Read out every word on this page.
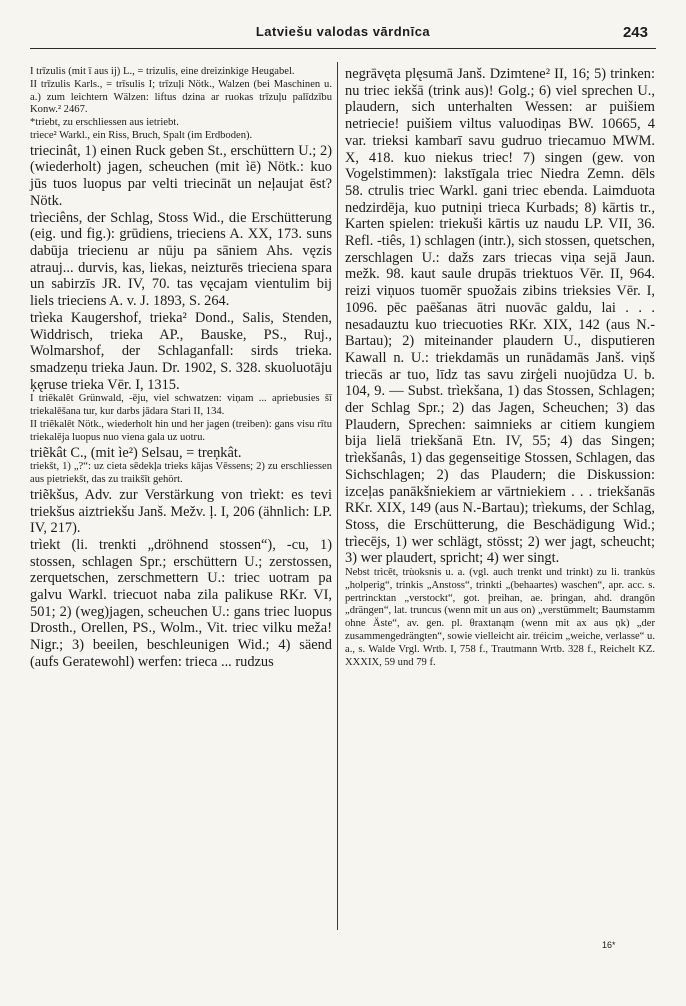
Latviešu valodas vārdnīca	243

I trīzulis (mit ī aus ij) L., = trizulis, eine dreizinkige Heugabel.

II trīzulis Karls., = trīsulis I; trīzuļi Nötk., Walzen (bei Maschinen u. a.) zum leichtern Wälzen: liftus dzina ar ruokas trīzuļu palīdzību Konw.² 2467.

*triebt, zu erschliessen aus ietriebt.

trìece² Warkl., ein Riss, Bruch, Spalt (im Erdboden).

triecinât, 1) einen Ruck geben St., erschüttern U.; 2) (wiederholt) jagen, scheuchen (mit ìē) Nötk.: kuo jūs tuos luopus par velti triecināt un neļaujat ēst? Nötk.

trìeciêns, der Schlag, Stoss Wid., die Erschütterung (eig. und fig.): grūdiens, trieciens A. XX, 173. suns dabūja triecienu ar nūju pa sāniem Ahs. vęzis atrauj... durvis, kas, liekas, neizturēs trieciena spara un sabirzīs JR. IV, 70. tas vęcajam vientulim bij liels trieciens A. v. J. 1893, S. 264.

trìeka Kaugershof, trieka² Dond., Salis, Stenden, Widdrisch, trieka AP., Bauske, PS., Ruj., Wolmarshof, der Schlaganfall: sirds trieka. smadzeņu trieka Jaun. Dr. 1902, S. 328. skuoluotāju ķęruse trieka Vēr. I, 1315.

I triẽkalêt Grünwald, -ēju, viel schwatzen: viņam ... apriebusies šī triekalēšana tur, kur darbs jādara Stari II, 134.

II triẽkalêt Nötk., wiederholt hin und her jagen (treiben): gans visu rītu triekalēja luopus nuo viena gala uz uotru.

triẽkât C., (mit ìe²) Selsau, = treņkât.

triekšt, 1) „?“: uz cieta sēdekļa trieks kājas Vēssens; 2) zu erschliessen aus pietriekšt, das zu traikšīt gehört.

triẽkšus, Adv. zur Verstärkung von trìekt: es tevi triekšus aiztriekšu Janš. Mežv. ļ. I, 206 (ähnlich: LP. IV, 217).

trìekt (li. trenkti „dröhnend stossen“), -cu, 1) stossen, schlagen Spr.; erschüttern U.; zerstossen, zerquetschen, zerschmettern U.: triec uotram pa galvu Warkl. triecuot naba zila palikuse RKr. VI, 501; 2) (weg)jagen, scheuchen U.: gans triec luopus Drosth., Orellen, PS., Wolm., Vit. triec vilku meža! Nigr.; 3) beeilen, beschleunigen Wid.; 4) säend (aufs Geratewohl) werfen: trieca ... rudzus

negrāvęta plęsumā Janš. Dzimtene² II, 16; 5) trinken: nu triec iekšā (trink aus)! Golg.; 6) viel sprechen U., plaudern, sich unterhalten Wessen: ar puišiem netriecie! puišiem viltus valuodiņas BW. 10665, 4 var. trieksi kambarī savu gudruo triecamuo MWM. X, 418. kuo niekus triec! 7) singen (gew. von Vogelstimmen): lakstīgala triec Niedra Zemn. dēls 58. ctrulis triec Warkl. gani triec ebenda. Laimduota nedzirdēja, kuo putniņi trieca Kurbads; 8) kārtis tr., Karten spielen: triekuši kārtis uz naudu LP. VII, 36. Refl. -tiês, 1) schlagen (intr.), sich stossen, quetschen, zerschlagen U.: dažs zars triecas viņa sejā Jaun. mežk. 98. kaut saule drupās triektuos Vēr. II, 964. reizi viņuos tuomēr spuožais zibins trieksies Vēr. I, 1096. pēc paēšanas ātri nuovāc galdu, lai . . . nesadauztu kuo triecuoties RKr. XIX, 142 (aus N.-Bartau); 2) miteinander plaudern U., disputieren Kawall n. U.: triekdamās un runādamās Janš. viņš triecās ar tuo, līdz tas savu zirģeli nuojūdza U. b. 104, 9. — Subst. trìekšana, 1) das Stossen, Schlagen; der Schlag Spr.; 2) das Jagen, Scheuchen; 3) das Plaudern, Sprechen: saimnieks ar citiem kungiem bija lielā triekšanā Etn. IV, 55; 4) das Singen; trìekšanâs, 1) das gegenseitige Stossen, Schlagen, das Sichschlagen; 2) das Plaudern; die Diskussion: izceļas panākšniekiem ar vārtniekiem . . . triekšanās RKr. XIX, 149 (aus N.-Bartau); trìekums, der Schlag, Stoss, die Erschütterung, die Beschädigung Wid.; trìecējs, 1) wer schlägt, stösst; 2) wer jagt, scheucht; 3) wer plaudert, spricht; 4) wer singt.

Nebst trìcêt, trùoksnis u. a. (vgl. auch trenkt und trinkt) zu li. trankùs „holperig“, trinkis „Anstoss“, trìnkti „(behaartes) waschen“, apr. acc. s. pertrincktan „verstockt“, got. þreihan, ae. þringan, ahd. drangōn „drängen“, lat. truncus (wenn mit un aus on) „verstümmelt; Baumstamm ohne Äste“, av. gen. pl. θraxtanąm (wenn mit ax aus ņk) „der zusammengedrängten“, sowie vielleicht air. tréicim „weiche, verlasse“ u. a., s. Walde Vrgl. Wrtb. I, 758 f., Trautmann Wrtb. 328 f., Reichelt KZ. XXXIX, 59 und 79 f.

16*
